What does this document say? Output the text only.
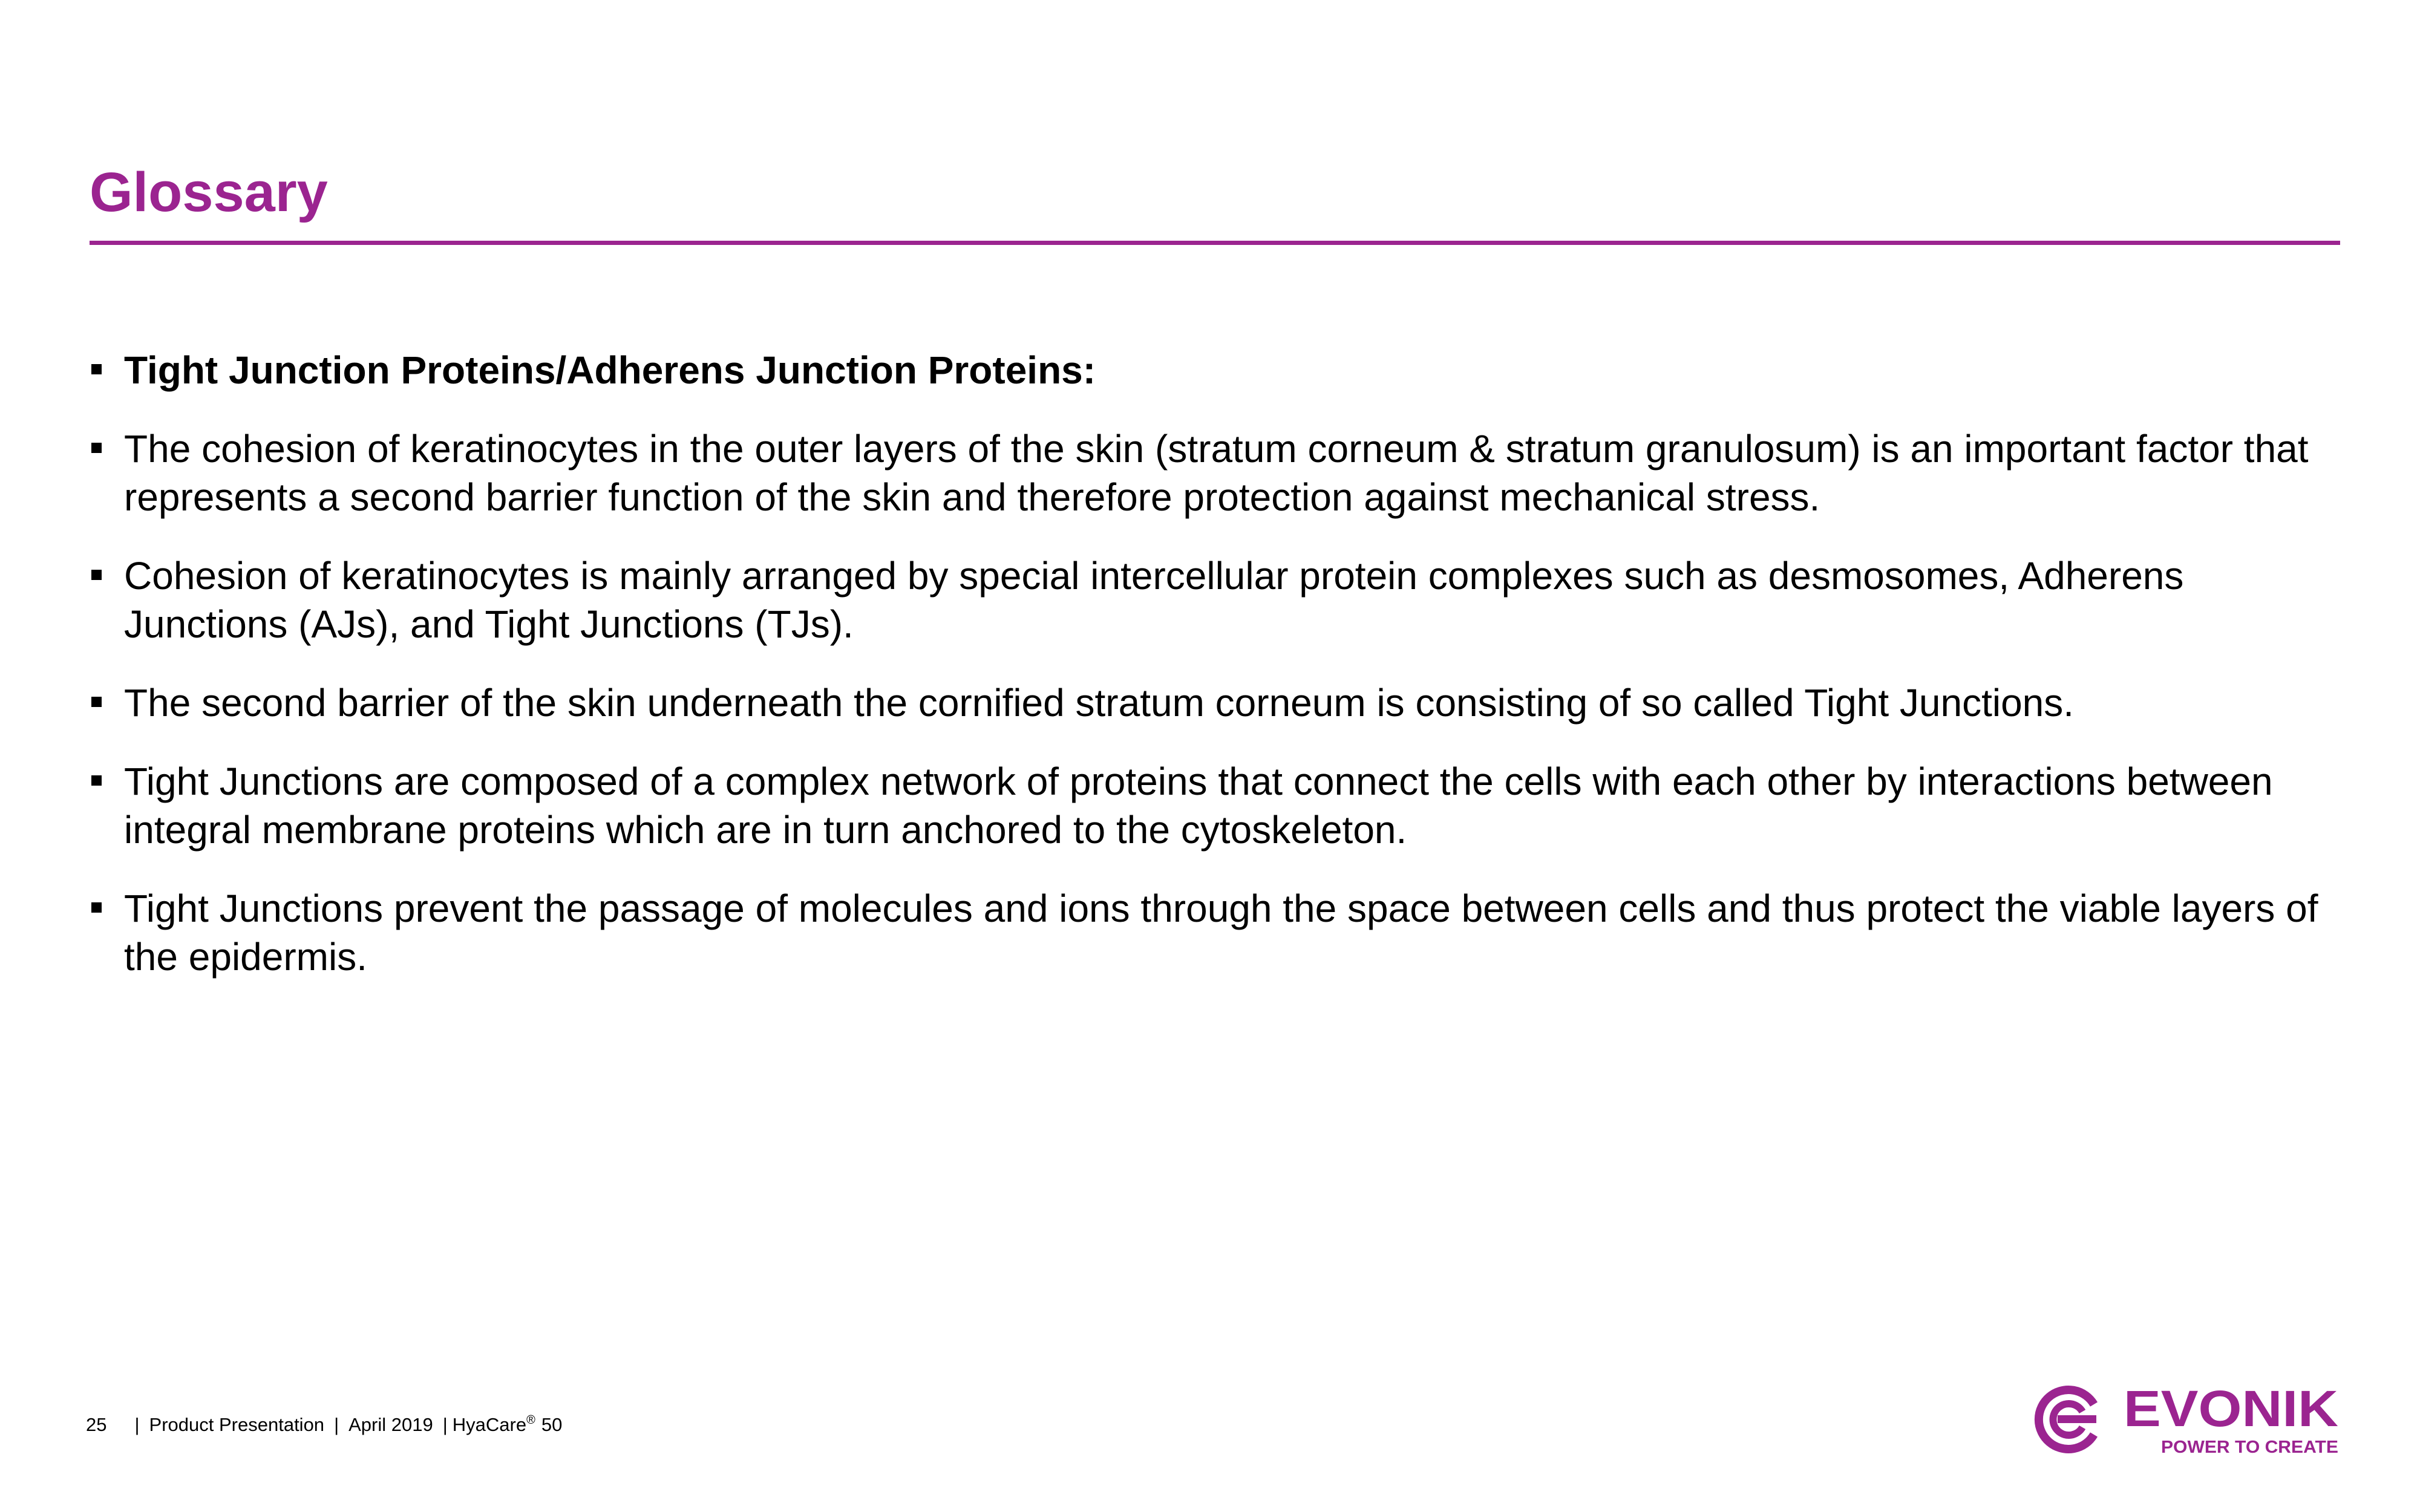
Glossary
Tight Junction Proteins/Adherens Junction Proteins:
The cohesion of keratinocytes in the outer layers of the skin (stratum corneum & stratum granulosum) is an important factor that represents a second barrier function of the skin and therefore protection against mechanical stress.
Cohesion of keratinocytes is mainly arranged by special intercellular protein complexes such as desmosomes, Adherens Junctions (AJs), and Tight Junctions (TJs).
The second barrier of the skin underneath the cornified stratum corneum is consisting of so called Tight Junctions.
Tight Junctions are composed of a complex network of proteins that connect the cells with each other by interactions between integral membrane proteins which are in turn anchored to the cytoskeleton.
Tight Junctions prevent the passage of molecules and ions through the space between cells and thus protect the viable layers of the epidermis.
25 | Product Presentation | April 2019 | HyaCare® 50	EVONIK
POWER TO CREATE
